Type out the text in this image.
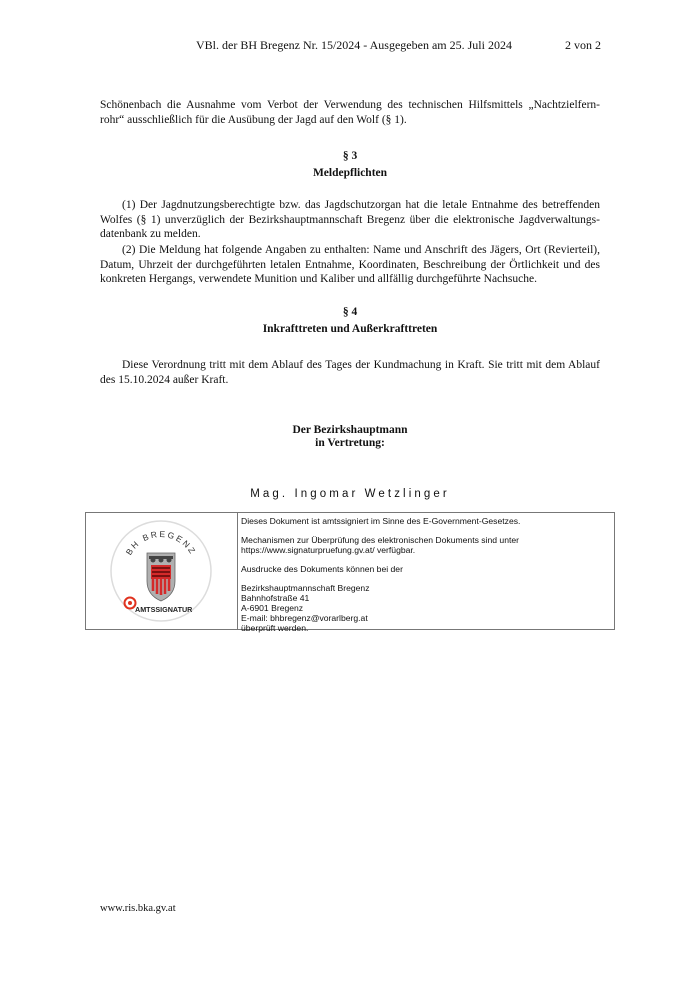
VBl. der BH Bregenz Nr. 15/2024 - Ausgegeben am 25. Juli 2024	2 von 2
Schönenbach die Ausnahme vom Verbot der Verwendung des technischen Hilfsmittels „Nachtzielfern-
rohr“ ausschließlich für die Ausübung der Jagd auf den Wolf (§ 1).
§ 3
Meldepflichten
(1) Der Jagdnutzungsberechtigte bzw. das Jagdschutzorgan hat die letale Entnahme des betreffenden Wolfes (§ 1) unverzüglich der Bezirkshauptmannschaft Bregenz über die elektronische Jagdverwaltungs-datenbank zu melden.
(2) Die Meldung hat folgende Angaben zu enthalten: Name und Anschrift des Jägers, Ort (Revierteil), Datum, Uhrzeit der durchgeführten letalen Entnahme, Koordinaten, Beschreibung der Örtlichkeit und des konkreten Hergangs, verwendete Munition und Kaliber und allfällig durchgeführte Nachsuche.
§ 4
Inkrafttreten und Außerkrafttreten
Diese Verordnung tritt mit dem Ablauf des Tages der Kundmachung in Kraft. Sie tritt mit dem Ablauf des 15.10.2024 außer Kraft.
Der Bezirkshauptmann
in Vertretung:
Mag. Ingomar Wetzlinger
BH BREGENZ
AMTSSIGNATUR

Dieses Dokument ist amtssigniert im Sinne des E-Government-Gesetzes.

Mechanismen zur Überprüfung des elektronischen Dokuments sind unter
https://www.signaturpruefung.gv.at/ verfügbar.

Ausdrucke des Dokuments können bei der

Bezirkshauptmannschaft Bregenz
Bahnhofstraße 41
A-6901 Bregenz
E-mail: bhbregenz@vorarlberg.at
überprüft werden.

www.ris.bka.gv.at
